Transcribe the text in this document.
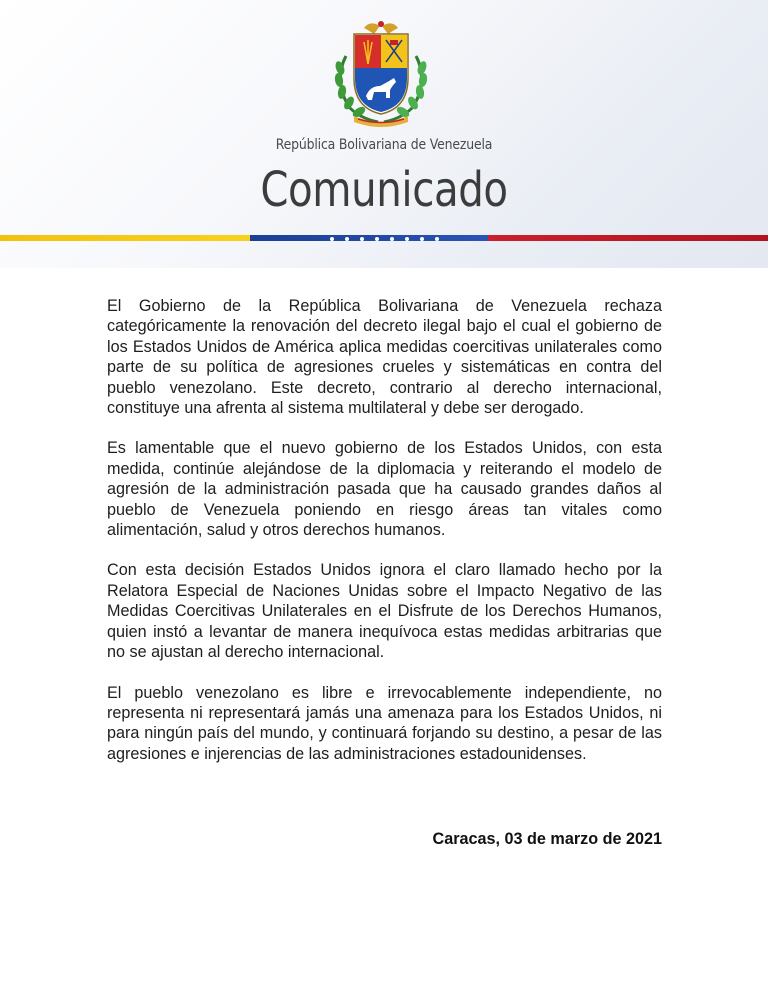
República Bolivariana de Venezuela
Comunicado

El Gobierno de la República Bolivariana de Venezuela rechaza categóricamente la renovación del decreto ilegal bajo el cual el gobierno de los Estados Unidos de América aplica medidas coercitivas unilaterales como parte de su política de agresiones crueles y sistemáticas en contra del pueblo venezolano. Este decreto, contrario al derecho internacional, constituye una afrenta al sistema multilateral y debe ser derogado.

Es lamentable que el nuevo gobierno de los Estados Unidos, con esta medida, continúe alejándose de la diplomacia y reiterando el modelo de agresión de la administración pasada que ha causado grandes daños al pueblo de Venezuela poniendo en riesgo áreas tan vitales como alimentación, salud y otros derechos humanos.

Con esta decisión Estados Unidos ignora el claro llamado hecho por la Relatora Especial de Naciones Unidas sobre el Impacto Negativo de las Medidas Coercitivas Unilaterales en el Disfrute de los Derechos Humanos, quien instó a levantar de manera inequívoca estas medidas arbitrarias que no se ajustan al derecho internacional.

El pueblo venezolano es libre e irrevocablemente independiente, no representa ni representará jamás una amenaza para los Estados Unidos, ni para ningún país del mundo, y continuará forjando su destino, a pesar de las agresiones e injerencias de las administraciones estadounidenses.

Caracas, 03 de marzo de 2021
